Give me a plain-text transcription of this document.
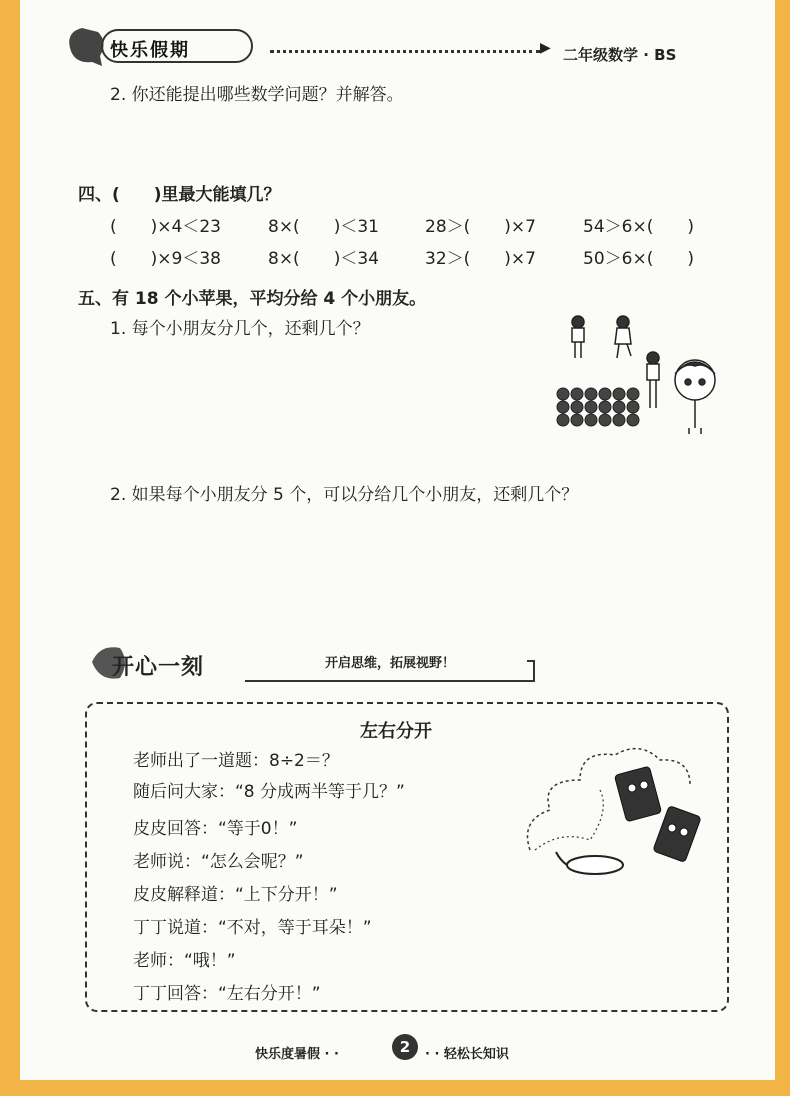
快乐假期	▶ 二年级数学 · BS
2. 你还能提出哪些数学问题？并解答。
四、(　　)里最大能填几？
(　　)×4＜23	8×(　　)＜31	28＞(　　)×7	54＞6×(　　)
(　　)×9＜38	8×(　　)＜34	32＞(　　)×7	50＞6×(　　)
五、有 18 个小苹果，平均分给 4 个小朋友。
1. 每个小朋友分几个，还剩几个？
2. 如果每个小朋友分 5 个，可以分给几个小朋友，还剩几个？
开心一刻	开启思维，拓展视野！
左右分开
老师出了一道题：8÷2＝？
随后问大家：“8 分成两半等于几？”
皮皮回答：“等于0！”
老师说：“怎么会呢？”
皮皮解释道：“上下分开！”
丁丁说道：“不对，等于耳朵！”
老师：“哦！”
丁丁回答：“左右分开！”
快乐度暑假 · ·	2	· · 轻松长知识
